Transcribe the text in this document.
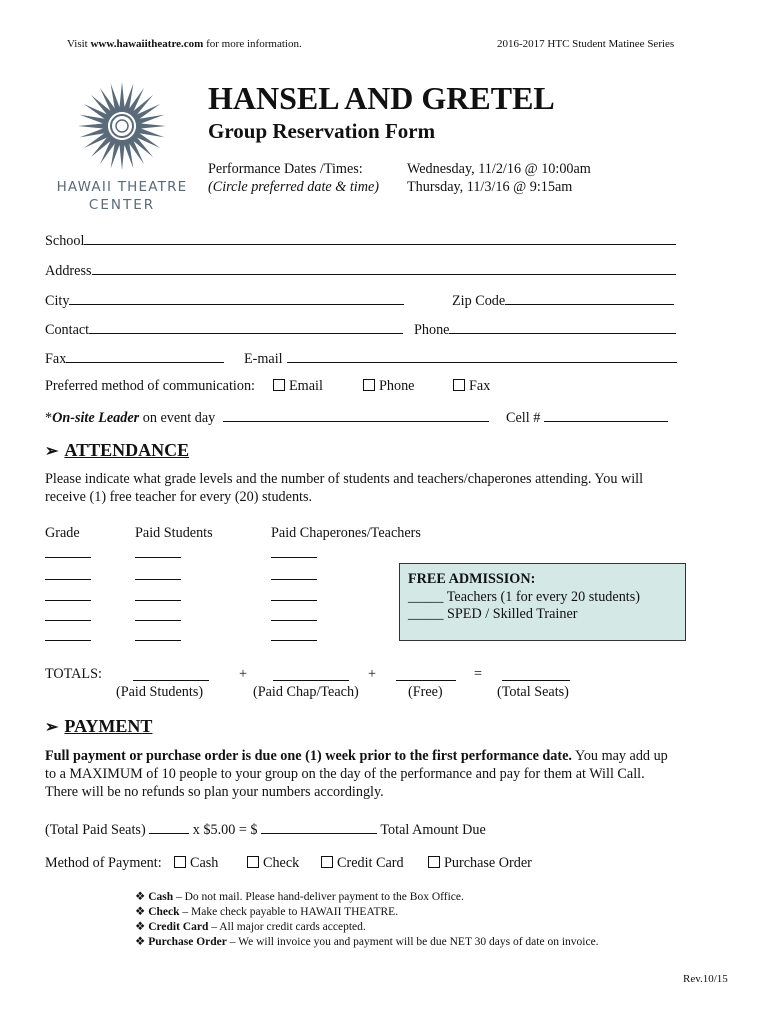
Visit www.hawaiitheatre.com for more information.	2016-2017 HTC Student Matinee Series
HAWAII THEATRE
CENTER
HANSEL AND GRETEL
Group Reservation Form
Performance Dates /Times:
(Circle preferred date & time)
Wednesday, 11/2/16 @ 10:00am
Thursday, 11/3/16 @ 9:15am
School
Address
City	Zip Code
Contact	Phone
Fax	E-mail
Preferred method of communication:	Email	Phone	Fax
*On-site Leader on event day	Cell #
➢ ATTENDANCE
Please indicate what grade levels and the number of students and teachers/chaperones attending. You will
receive (1) free teacher for every (20) students.
Grade	Paid Students	Paid Chaperones/Teachers
FREE ADMISSION:
_____ Teachers (1 for every 20 students)
_____ SPED / Skilled Trainer
TOTALS:	+	+	=
(Paid Students)	(Paid Chap/Teach)	(Free)	(Total Seats)
➢ PAYMENT
Full payment or purchase order is due one (1) week prior to the first performance date. You may add up
to a MAXIMUM of 10 people to your group on the day of the performance and pay for them at Will Call.
There will be no refunds so plan your numbers accordingly.
(Total Paid Seats)	x $5.00 = $	Total Amount Due
Method of Payment:	Cash	Check	Credit Card	Purchase Order
❖ Cash – Do not mail. Please hand-deliver payment to the Box Office.
❖ Check – Make check payable to HAWAII THEATRE.
❖ Credit Card – All major credit cards accepted.
❖ Purchase Order – We will invoice you and payment will be due NET 30 days of date on invoice.
Rev.10/15
